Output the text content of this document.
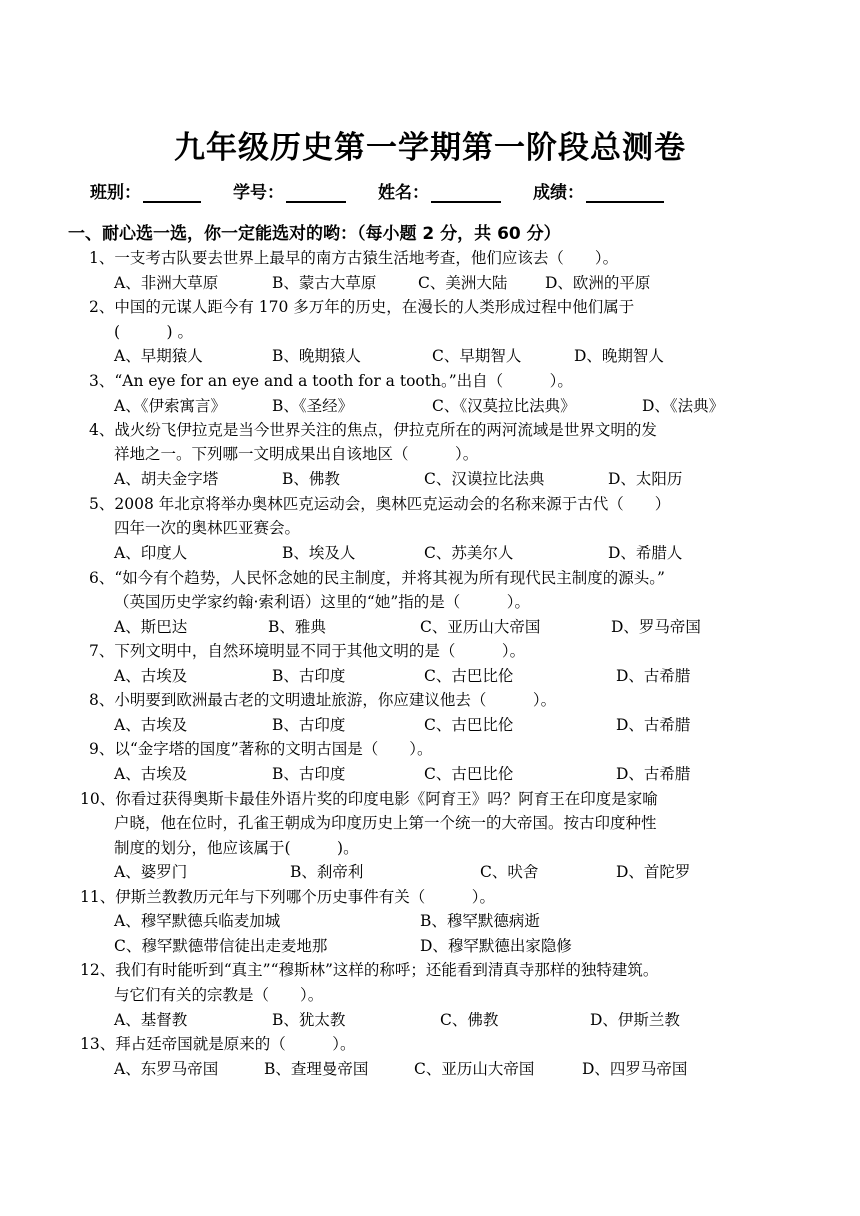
九年级历史第一学期第一阶段总测卷
班别：	学号：	姓名：	成绩：
一、耐心选一选，你一定能选对的哟：（每小题 2 分，共 60 分）
1、一支考古队要去世界上最早的南方古猿生活地考查，他们应该去（　　）。
A、非洲大草原	B、蒙古大草原	C、美洲大陆 D、欧洲的平原
2、中国的元谋人距今有 170 多万年的历史，在漫长的人类形成过程中他们属于
(　　　) 。
A、早期猿人	B、晚期猿人	C、早期智人	D、晚期智人
3、“An eye for an eye and a tooth for a tooth。”出自（　　　）。
A、《伊索寓言》	B、《圣经》	C、《汉莫拉比法典》	D、《法典》
4、战火纷飞伊拉克是当今世界关注的焦点，伊拉克所在的两河流域是世界文明的发
祥地之一。下列哪一文明成果出自该地区（　　　）。
A、胡夫金字塔	B、佛教	C、汉谟拉比法典	D、太阳历
5、2008 年北京将举办奥林匹克运动会，奥林匹克运动会的名称来源于古代（　　）
四年一次的奥林匹亚赛会。
A、印度人	B、埃及人	C、苏美尔人	D、希腊人
6、“如今有个趋势，人民怀念她的民主制度，并将其视为所有现代民主制度的源头。”
（英国历史学家约翰·索利语）这里的“她”指的是（　　　）。
A、斯巴达	B、雅典	C、亚历山大帝国	D、罗马帝国
7、下列文明中，自然环境明显不同于其他文明的是（　　　）。
A、古埃及	B、古印度	C、古巴比伦	D、古希腊
8、小明要到欧洲最古老的文明遗址旅游，你应建议他去（　　　）。
A、古埃及	B、古印度	C、古巴比伦	D、古希腊
9、以“金字塔的国度”著称的文明古国是（　　）。
A、古埃及	B、古印度	C、古巴比伦	D、古希腊
10、你看过获得奥斯卡最佳外语片奖的印度电影《阿育王》吗？阿育王在印度是家喻
户晓，他在位时，孔雀王朝成为印度历史上第一个统一的大帝国。按古印度种性
制度的划分，他应该属于(　　　)。
A、婆罗门	B、刹帝利	C、吠舍	D、首陀罗
11、伊斯兰教教历元年与下列哪个历史事件有关（　　　）。
A、穆罕默德兵临麦加城	B、穆罕默德病逝
C、穆罕默德带信徒出走麦地那	D、穆罕默德出家隐修
12、我们有时能听到“真主”“穆斯林”这样的称呼；还能看到清真寺那样的独特建筑。
与它们有关的宗教是（　　）。
A、基督教	B、犹太教	C、佛教	D、伊斯兰教
13、拜占廷帝国就是原来的（　　　）。
A、东罗马帝国	B、查理曼帝国	C、亚历山大帝国	D、四罗马帝国
